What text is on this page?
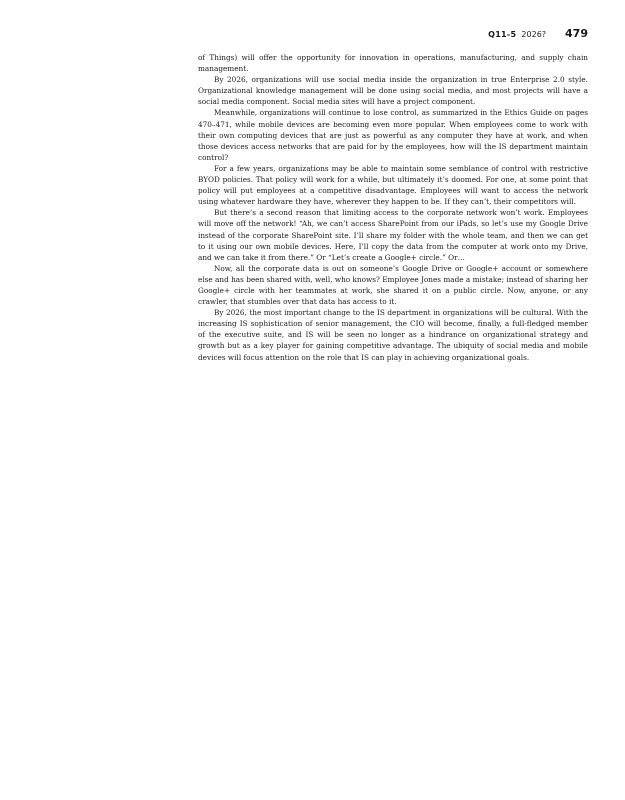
Q11-5 2026? 479

of Things) will offer the opportunity for innovation in operations, manufacturing, and supply chain management.

By 2026, organizations will use social media inside the organization in true Enterprise 2.0 style. Organizational knowledge management will be done using social media, and most projects will have a social media component. Social media sites will have a project component.

Meanwhile, organizations will continue to lose control, as summarized in the Ethics Guide on pages 470–471, while mobile devices are becoming even more popular. When employees come to work with their own computing devices that are just as powerful as any computer they have at work, and when those devices access networks that are paid for by the employees, how will the IS department maintain control?

For a few years, organizations may be able to maintain some semblance of control with restrictive BYOD policies. That policy will work for a while, but ultimately it’s doomed. For one, at some point that policy will put employees at a competitive disadvantage. Employees will want to access the network using whatever hardware they have, wherever they happen to be. If they can’t, their competitors will.

But there’s a second reason that limiting access to the corporate network won’t work. Employees will move off the network! “Ah, we can’t access SharePoint from our iPads, so let’s use my Google Drive instead of the corporate SharePoint site. I’ll share my folder with the whole team, and then we can get to it using our own mobile devices. Here, I’ll copy the data from the computer at work onto my Drive, and we can take it from there.” Or “Let’s create a Google+ circle.” Or…

Now, all the corporate data is out on someone’s Google Drive or Google+ account or somewhere else and has been shared with, well, who knows? Employee Jones made a mistake; instead of sharing her Google+ circle with her teammates at work, she shared it on a public circle. Now, anyone, or any crawler, that stumbles over that data has access to it.

By 2026, the most important change to the IS department in organizations will be cultural. With the increasing IS sophistication of senior management, the CIO will become, finally, a full-fledged member of the executive suite, and IS will be seen no longer as a hindrance on organizational strategy and growth but as a key player for gaining competitive advantage. The ubiquity of social media and mobile devices will focus attention on the role that IS can play in achieving organizational goals.
